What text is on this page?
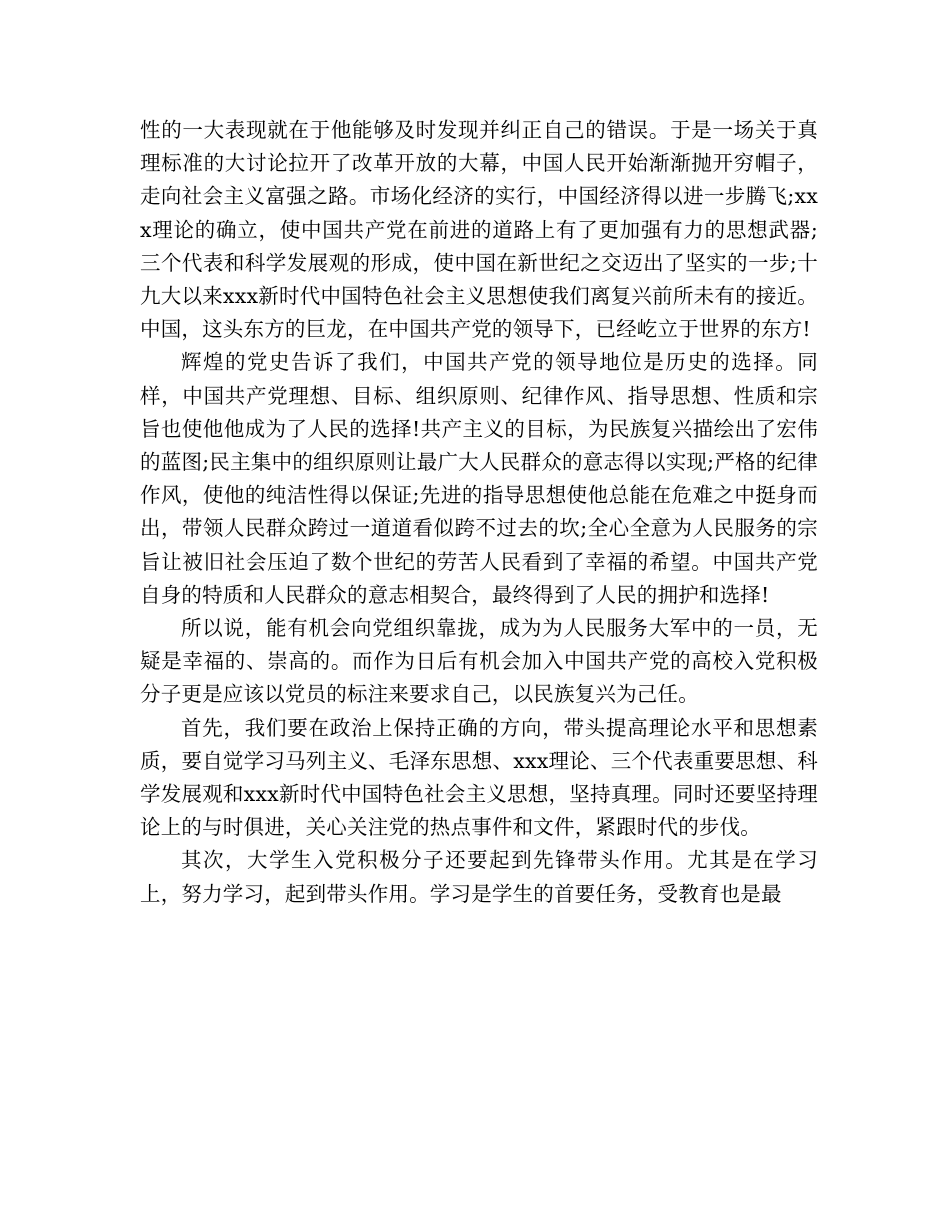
性的一大表现就在于他能够及时发现并纠正自己的错误。于是一场关于真理标准的大讨论拉开了改革开放的大幕，中国人民开始渐渐抛开穷帽子，走向社会主义富强之路。市场化经济的实行，中国经济得以进一步腾飞;xxx理论的确立，使中国共产党在前进的道路上有了更加强有力的思想武器;三个代表和科学发展观的形成，使中国在新世纪之交迈出了坚实的一步;十九大以来xxx新时代中国特色社会主义思想使我们离复兴前所未有的接近。中国，这头东方的巨龙，在中国共产党的领导下，已经屹立于世界的东方!

辉煌的党史告诉了我们，中国共产党的领导地位是历史的选择。同样，中国共产党理想、目标、组织原则、纪律作风、指导思想、性质和宗旨也使他他成为了人民的选择!共产主义的目标，为民族复兴描绘出了宏伟的蓝图;民主集中的组织原则让最广大人民群众的意志得以实现;严格的纪律作风，使他的纯洁性得以保证;先进的指导思想使他总能在危难之中挺身而出，带领人民群众跨过一道道看似跨不过去的坎;全心全意为人民服务的宗旨让被旧社会压迫了数个世纪的劳苦人民看到了幸福的希望。中国共产党自身的特质和人民群众的意志相契合，最终得到了人民的拥护和选择!

所以说，能有机会向党组织靠拢，成为为人民服务大军中的一员，无疑是幸福的、崇高的。而作为日后有机会加入中国共产党的高校入党积极分子更是应该以党员的标注来要求自己，以民族复兴为己任。

首先，我们要在政治上保持正确的方向，带头提高理论水平和思想素质，要自觉学习马列主义、毛泽东思想、xxx理论、三个代表重要思想、科学发展观和xxx新时代中国特色社会主义思想，坚持真理。同时还要坚持理论上的与时俱进，关心关注党的热点事件和文件，紧跟时代的步伐。

其次，大学生入党积极分子还要起到先锋带头作用。尤其是在学习上，努力学习，起到带头作用。学习是学生的首要任务，受教育也是最
